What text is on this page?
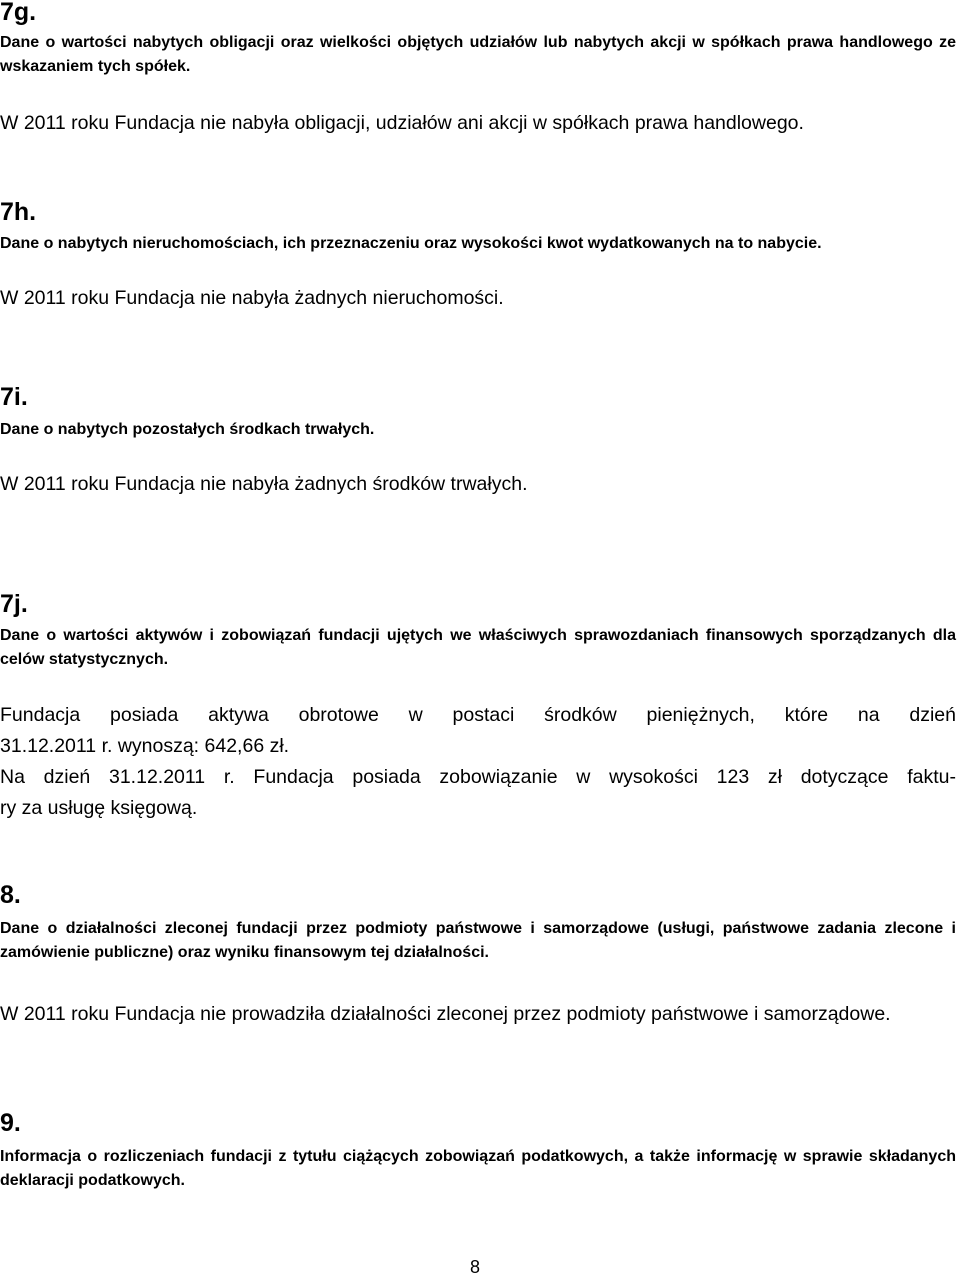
7g.

Dane o wartości nabytych obligacji oraz wielkości objętych udziałów lub nabytych akcji w spółkach prawa handlowego ze wskazaniem tych spółek.

W 2011 roku Fundacja nie nabyła obligacji, udziałów ani akcji w spółkach prawa handlowego.

7h.

Dane o nabytych nieruchomościach, ich przeznaczeniu oraz wysokości kwot wydatkowanych na to nabycie.

W 2011 roku Fundacja nie nabyła żadnych nieruchomości.

7i.

Dane o nabytych pozostałych środkach trwałych.

W 2011 roku Fundacja nie nabyła żadnych środków trwałych.

7j.

Dane o wartości aktywów i zobowiązań fundacji ujętych we właściwych sprawozdaniach finansowych sporządzanych dla celów statystycznych.

Fundacja posiada aktywa obrotowe w postaci środków pieniężnych, które na dzień
31.12.2011 r. wynoszą: 642,66 zł.
Na dzień 31.12.2011 r. Fundacja posiada zobowiązanie w wysokości 123 zł dotyczące faktu-
ry za usługę księgową.
8.

Dane o działalności zleconej fundacji przez podmioty państwowe i samorządowe (usługi, państwowe zadania zlecone i zamówienie publiczne) oraz wyniku finansowym tej działalności.

W 2011 roku Fundacja nie prowadziła działalności zleconej przez podmioty państwowe i samorządowe.

9.

Informacja o rozliczeniach fundacji z tytułu ciążących zobowiązań podatkowych, a także informację w sprawie składanych deklaracji podatkowych.

8
